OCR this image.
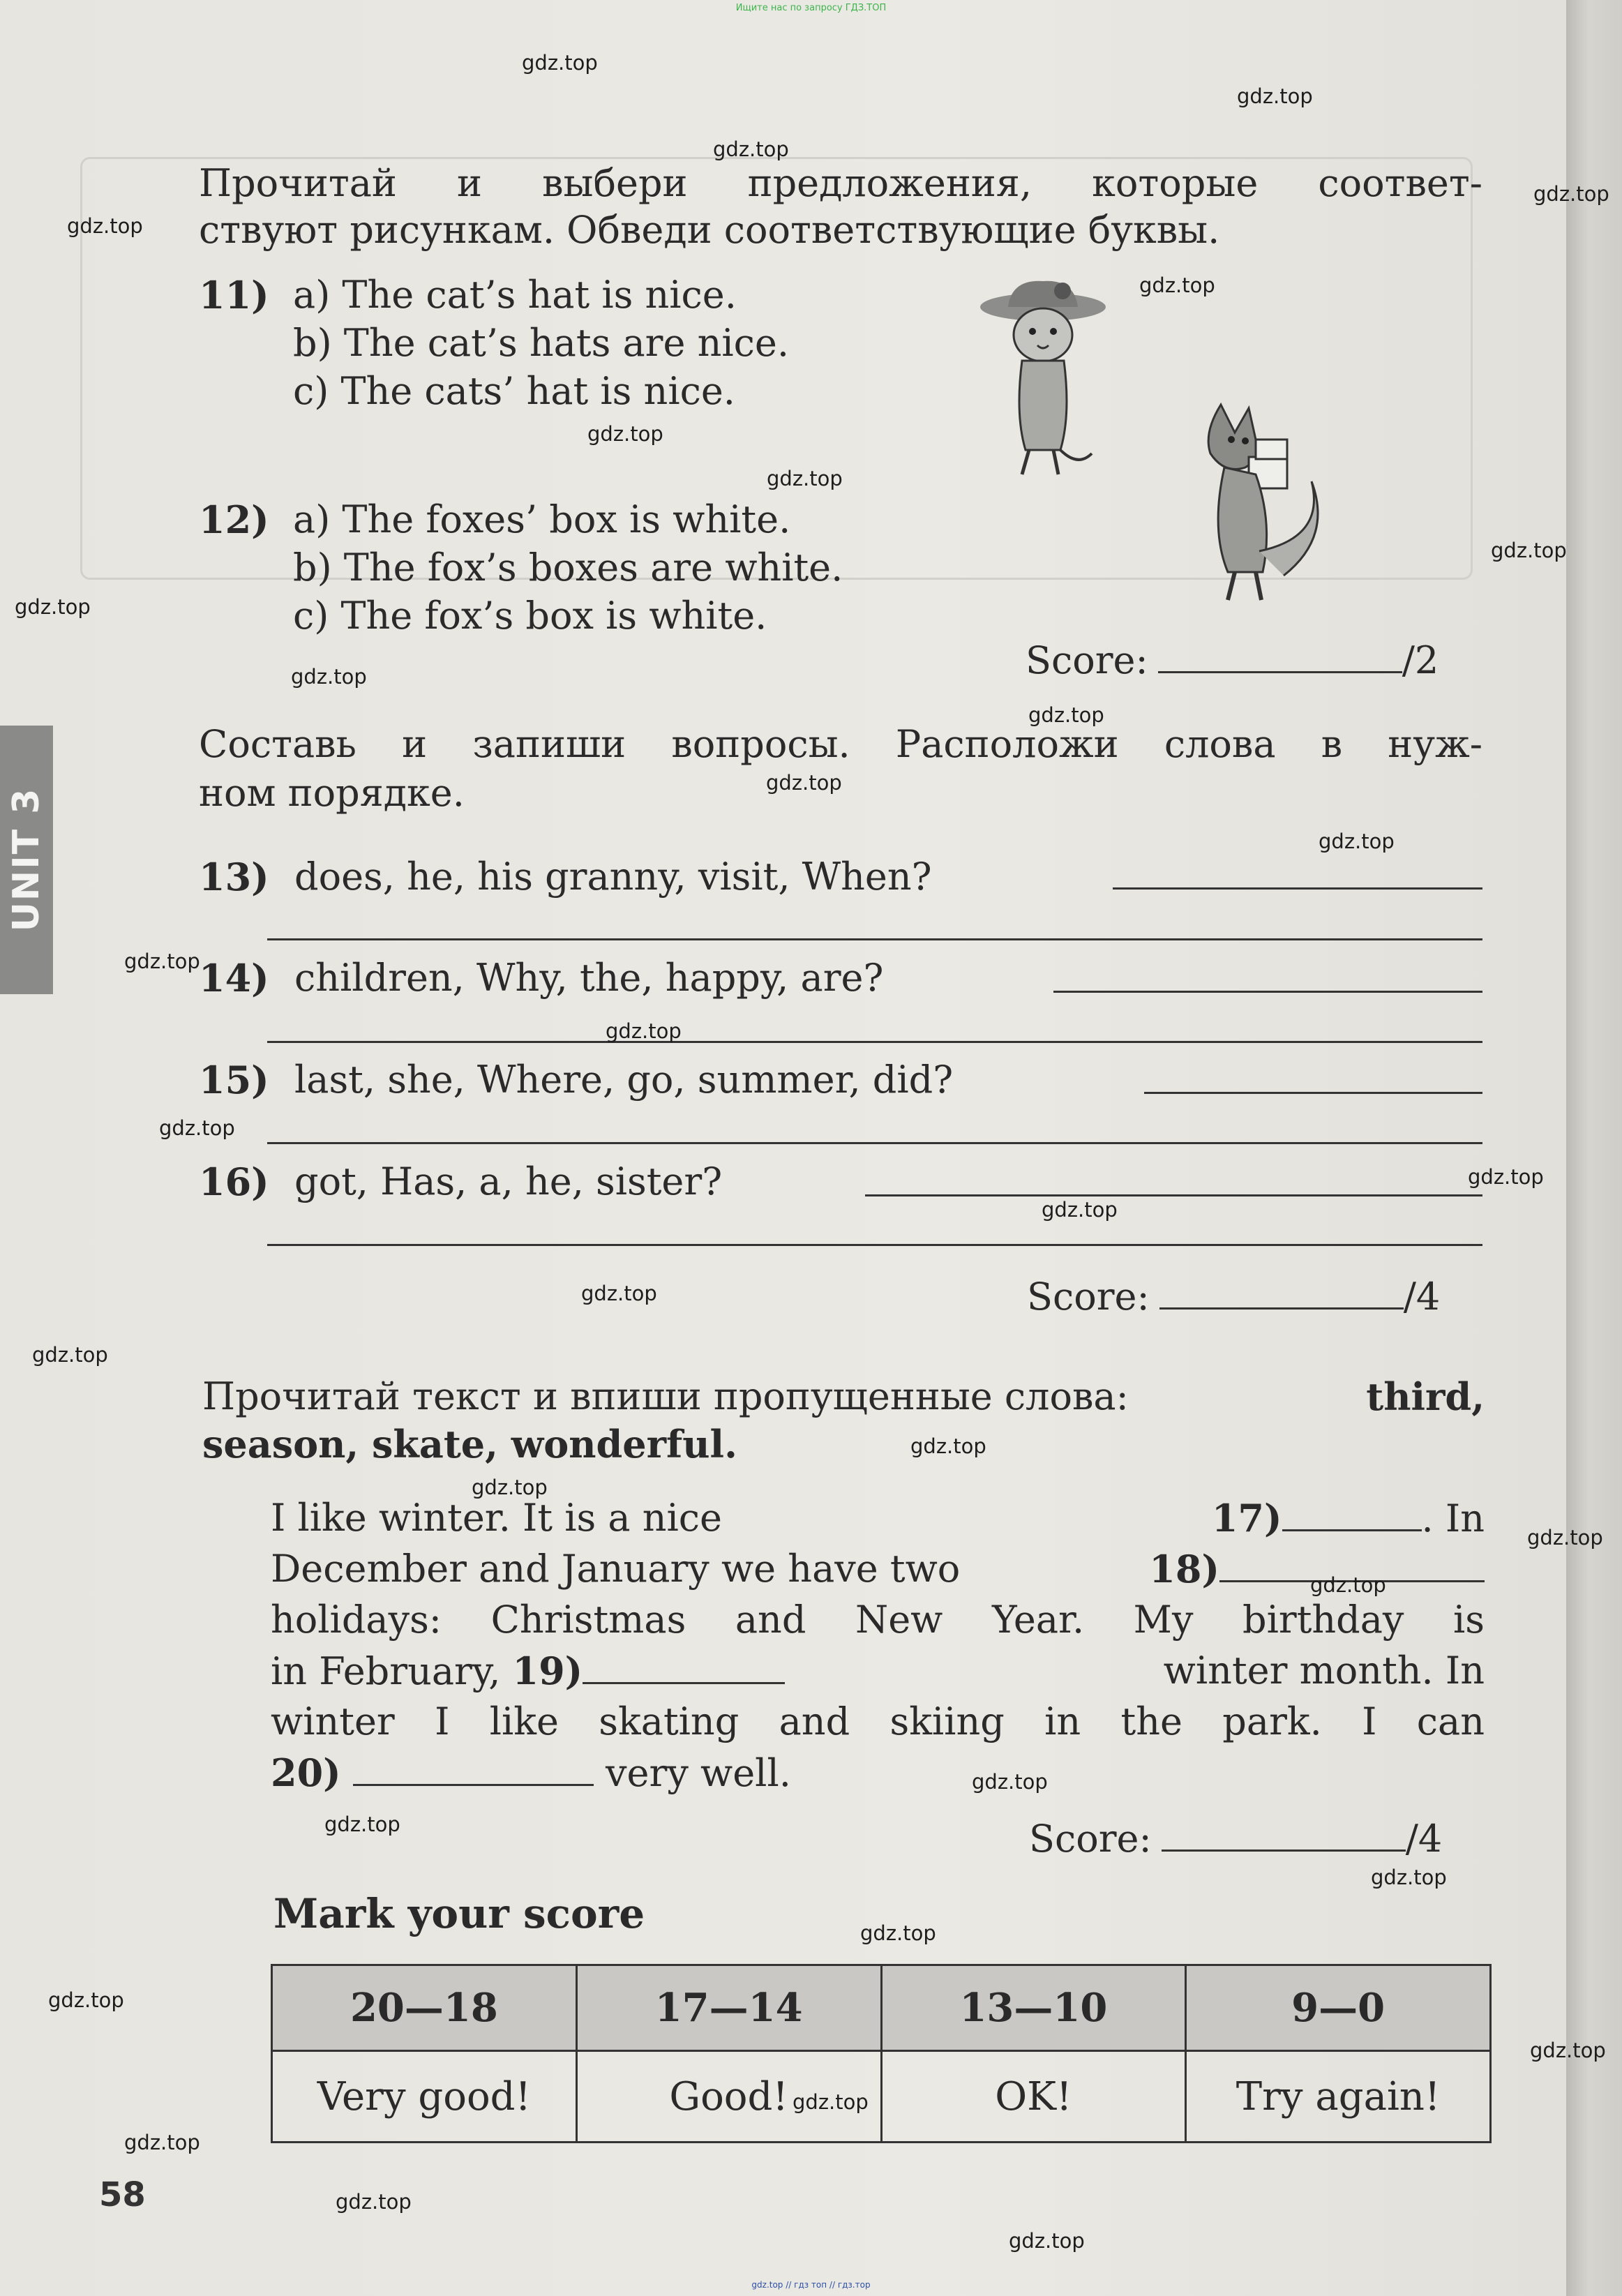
Ищите нас по запросу ГДЗ.ТОП
gdz.top // гдз топ // гдз.тор
UNIT 3
Прочитай и выбери предложения, которые соответ-
ствуют рисункам. Обведи соответствующие буквы.
11) a) The cat’s hat is nice.
b) The cat’s hats are nice.
c) The cats’ hat is nice.
12) a) The foxes’ box is white.
b) The fox’s boxes are white.
c) The fox’s box is white.
Score:	/2
Составь и запиши вопросы. Расположи слова в нуж-
ном порядке.
13) does, he, his granny, visit, When?
14) children, Why, the, happy, are?
15) last, she, Where, go, summer, did?
16) got, Has, a, he, sister?
Score:	/4
Прочитай текст и впиши пропущенные слова:	third,
season, skate, wonderful.
I like winter. It is a nice	17)	. In
December and January we have two	18)
holidays: Christmas and New Year. My birthday is
in February, 19)	winter month. In
winter I like skating and skiing in the park. I can
20)	very well.
Score:	/4
Mark your score
20—18	17—14	13—10	9—0
Very good!	Good!	OK!	Try again!
58
gdz.top
gdz.top
gdz.top
gdz.top
gdz.top
gdz.top
gdz.top
gdz.top
gdz.top
gdz.top
gdz.top
gdz.top
gdz.top
gdz.top
gdz.top
gdz.top
gdz.top
gdz.top
gdz.top
gdz.top
gdz.top
gdz.top
gdz.top
gdz.top
gdz.top
gdz.top
gdz.top
gdz.top
gdz.top
gdz.top
gdz.top
gdz.top
gdz.top
gdz.top
gdz.top
